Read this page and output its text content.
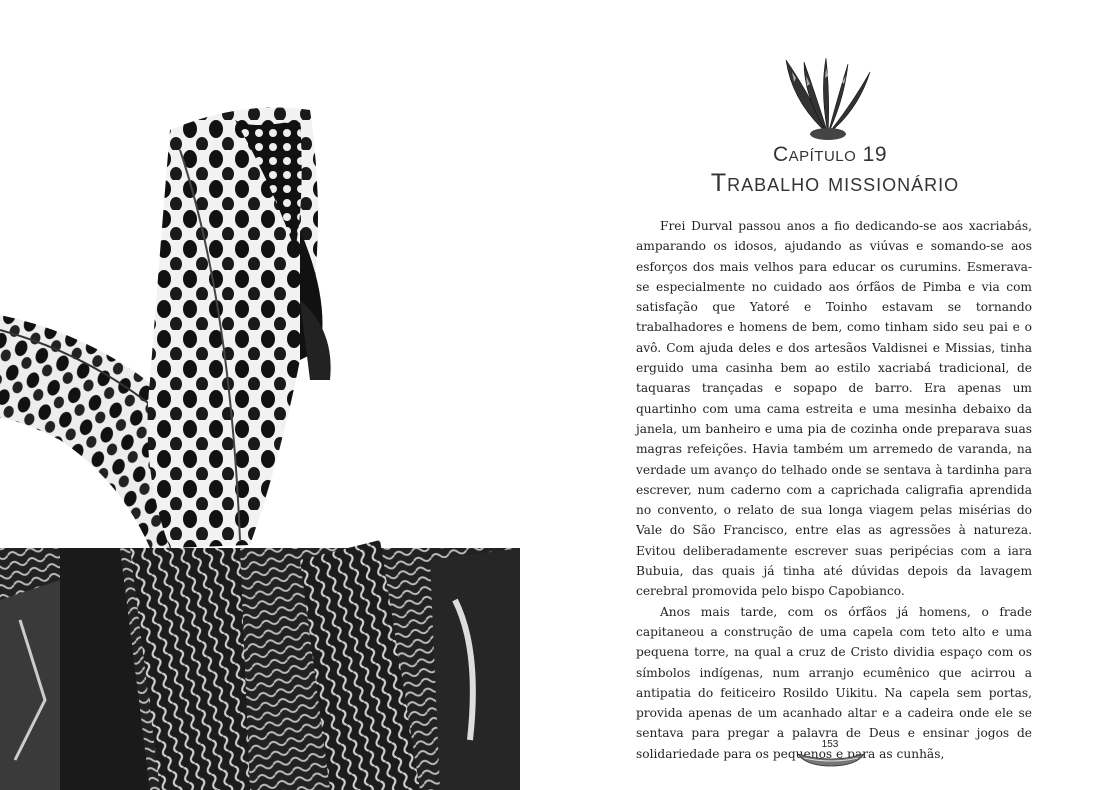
Capítulo 19
Trabalho missionário

Frei Durval passou anos a fio dedicando-se aos xacriabás, amparando os idosos, ajudando as viúvas e somando-se aos esforços dos mais velhos para educar os curumins. Esmerava-se especialmente no cuidado aos órfãos de Pimba e via com satisfação que Yatoré e Toinho estavam se tornando trabalhadores e homens de bem, como tinham sido seu pai e o avô. Com ajuda deles e dos artesãos Valdisnei e Missias, tinha erguido uma casinha bem ao estilo xacriabá tradicional, de taquaras trançadas e sopapo de barro. Era apenas um quartinho com uma cama estreita e uma mesinha debaixo da janela, um banheiro e uma pia de cozinha onde preparava suas magras refeições. Havia também um arremedo de varanda, na verdade um avanço do telhado onde se sentava à tardinha para escrever, num caderno com a caprichada caligrafia aprendida no convento, o relato de sua longa viagem pelas misérias do Vale do São Francisco, entre elas as agressões à natureza. Evitou deliberadamente escrever suas peripécias com a iara Bubuia, das quais já tinha até dúvidas depois da lavagem cerebral promovida pelo bispo Capobianco.

Anos mais tarde, com os órfãos já homens, o frade capitaneou a construção de uma capela com teto alto e uma pequena torre, na qual a cruz de Cristo dividia espaço com os símbolos indígenas, num arranjo ecumênico que acirrou a antipatia do feiticeiro Rosildo Uikitu. Na capela sem portas, provida apenas de um acanhado altar e a cadeira onde ele se sentava para pregar a palavra de Deus e ensinar jogos de solidariedade para os pequenos e para as cunhãs,

153
